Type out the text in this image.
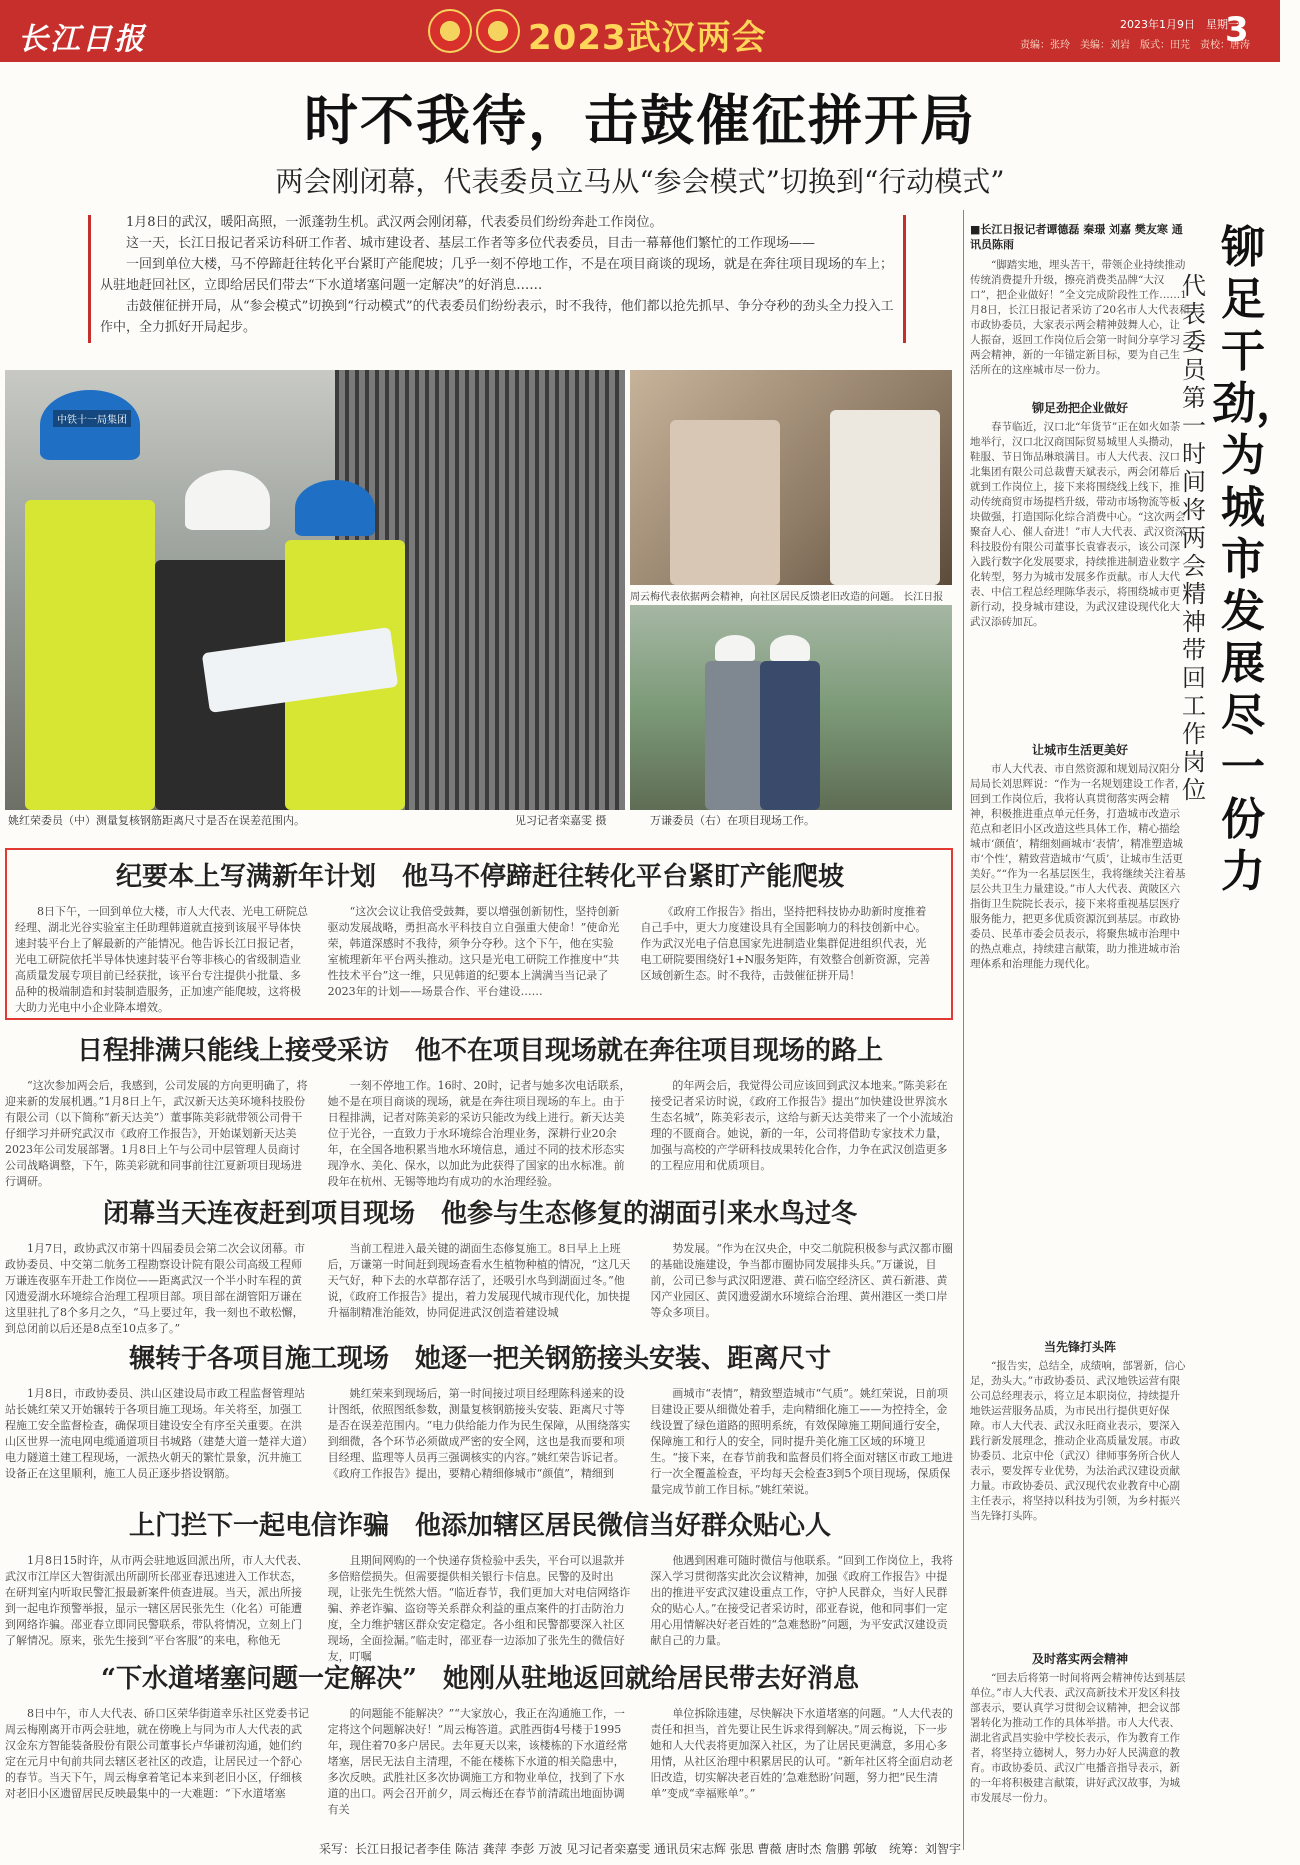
长江日报	2023武汉两会	2023年1月9日　星期一
责编：张玲　美编：刘岩　版式：田芫　责校：唐涛
3
时不我待，击鼓催征拼开局
两会刚闭幕，代表委员立马从“参会模式”切换到“行动模式”

1月8日的武汉，暖阳高照，一派蓬勃生机。武汉两会刚闭幕，代表委员们纷纷奔赴工作岗位。

这一天，长江日报记者采访科研工作者、城市建设者、基层工作者等多位代表委员，目击一幕幕他们繁忙的工作现场——

一回到单位大楼，马不停蹄赶往转化平台紧盯产能爬坡；几乎一刻不停地工作，不是在项目商谈的现场，就是在奔往项目现场的车上；从驻地赶回社区，立即给居民们带去“下水道堵塞问题一定解决”的好消息……

击鼓催征拼开局，从“参会模式”切换到“行动模式”的代表委员们纷纷表示，时不我待，他们都以抢先抓早、争分夺秒的劲头全力投入工作中，全力抓好开局起步。

中铁十一局集团
姚红荣委员（中）测量复核钢筋距离尺寸是否在误差范围内。	见习记者栾嘉雯 摄
周云梅代表依据两会精神，向社区居民反馈老旧改造的问题。 长江日报
万谦委员（右）在项目现场工作。
纪要本上写满新年计划　 他马不停蹄赶往转化平台紧盯产能爬坡

8日下午，一回到单位大楼，市人大代表、光电工研院总经理、湖北光谷实验室主任助理韩道就直接到该展平导体快速封装平台上了解最新的产能情况。他告诉长江日报记者，光电工研院依托半导体快速封装平台等非核心的省级制造业高质量发展专项目前已经获批，该平台专注提供小批量、多品种的极端制造和封装制造服务，正加速产能爬坡，这将极大助力光电中小企业降本增效。

“这次会议让我倍受鼓舞，要以增强创新韧性，坚持创新驱动发展战略，勇担高水平科技自立自强重大使命！”使命光荣，韩道深感时不我待，须争分夺秒。这个下午，他在实验室梳理新年平台两头推动。这只是光电工研院工作推度中“共性技术平台”这一维，只见韩道的纪要本上满满当当记录了2023年的计划——场景合作、平台建设……

《政府工作报告》指出，坚持把科技协办助新时度推着自己手中，更大力度建设具有全国影响力的科技创新中心。作为武汉光电子信息国家先进制造业集群促进组织代表，光电工研院要围绕好1+N服务矩阵，有效整合创新资源，完善区域创新生态。时不我待，击鼓催征拼开局！

日程排满只能线上接受采访　 他不在项目现场就在奔往项目现场的路上

“这次参加两会后，我感到，公司发展的方向更明确了，将迎来新的发展机遇。”1月8日上午，武汉新天达美环境科技股份有限公司（以下简称“新天达美”）董事陈美彩就带领公司骨干仔细学习并研究武汉市《政府工作报告》，开始谋划新天达美2023年公司发展部署。1月8日上午与公司中层管理人员商讨公司战略调整，下午，陈美彩就和同事前往江夏新项目现场进行调研。

一刻不停地工作。16时、20时，记者与她多次电话联系，她不是在项目商谈的现场，就是在奔往项目现场的车上。由于日程排满，记者对陈美彩的采访只能改为线上进行。新天达美位于光谷，一直致力于水环境综合治理业务，深耕行业20余年，在全国各地积累当地水环境信息，通过不同的技术形态实现净水、美化、保水，以加此为此获得了国家的出水标准。前段年在杭州、无锡等地均有成功的水治理经验。

的年两会后，我觉得公司应该回到武汉本地来。”陈美彩在接受记者采访时说，《政府工作报告》提出“加快建设世界滨水生态名城”，陈美彩表示，这给与新天达美带来了一个小流域治理的不匮商合。她说，新的一年，公司将借助专家技术力量，加强与高校的产学研科技成果转化合作，力争在武汉创造更多的工程应用和优质项目。

闭幕当天连夜赶到项目现场　 他参与生态修复的湖面引来水鸟过冬

1月7日，政协武汉市第十四届委员会第二次会议闭幕。市政协委员、中交第二航务工程勘察设计院有限公司高级工程师万谦连夜驱车开赴工作岗位——距离武汉一个半小时车程的黄冈遗爱湖水环境综合治理工程项目部。项目部在湖管阳万谦在这里驻扎了8个多月之久，“马上要过年，我一刻也不敢松懈，到总闭前以后还是8点至10点多了。”

当前工程进入最关键的湖面生态修复施工。8日早上上班后，万谦第一时间赶到现场查看水生植物种植的情况，“这几天天气好，种下去的水草都存活了，还吸引水鸟到湖面过冬。”他说，《政府工作报告》提出，着力发展现代城市现代化，加快提升福制精准治能效，协同促进武汉创造着建设城

势发展。“作为在汉央企，中交二航院积极参与武汉都市圈的基础设施建设，争当都市圈协同发展排头兵。”万谦说，目前，公司已参与武汉阳逻港、黄石临空经济区、黄石新港、黄冈产业园区、黄冈遗爱湖水环境综合治理、黄州港区一类口岸等众多项目。

辗转于各项目施工现场　 她逐一把关钢筋接头安装、距离尺寸

1月8日，市政协委员、洪山区建设局市政工程监督管理站站长姚红荣又开始辗转于各项目施工现场。年关将至，加强工程施工安全监督检查，确保项目建设安全有序至关重要。在洪山区世界一流电网电缆通道项目书城路（建楚大道一楚祥大道）电力隧道土建工程现场，一派热火朝天的繁忙景象，沉井施工设备正在这里顺利，施工人员正逐步搭设钢筋。

姚红荣来到现场后，第一时间接过项目经理陈科递来的设计图纸，依照图纸参数，测量复核钢筋接头安装、距离尺寸等是否在误差范围内。“电力供给能力作为民生保障，从围绕落实到细微，各个环节必须做成严密的安全网，这也是我而要和项目经理、监理等人员再三强调核实的内容。”姚红荣告诉记者。《政府工作报告》提出，要精心精细修城市“颜值”，精细到

画城市“表情”，精致塑造城市“气质”。姚红荣说，日前项目建设正要从细微处着手，走向精细化施工——为控持全，金线设置了绿色道路的照明系统，有效保障施工期间通行安全，保障施工和行人的安全，同时提升美化施工区域的环境卫生。“接下来，在春节前我和监督员们将全面对辖区市政工地进行一次全覆盖检查，平均每天会检查3到5个项目现场，保质保量完成节前工作目标。”姚红荣说。

上门拦下一起电信诈骗　 他添加辖区居民微信当好群众贴心人

1月8日15时许，从市两会驻地返回派出所，市人大代表、武汉市江岸区大智街派出所副所长邵亚春迅速进入工作状态，在研判室内听取民警汇报最新案件侦查进展。当天，派出所接到一起电诈预警举报，显示一辖区居民张先生（化名）可能遭到网络诈骗。邵亚春立即同民警联系，带队将情况，立刻上门了解情况。原来，张先生接到“平台客服”的来电，称他无

且期间网购的一个快递存货检验中丢失，平台可以退款并多倍赔偿损失。但需要提供相关银行卡信息。民警的及时出现，让张先生恍然大悟。“临近春节，我们更加大对电信网络诈骗、养老诈骗、盗窃等关系群众利益的重点案件的打击防治力度，全力维护辖区群众安定稳定。各小组和民警都要深入社区现场，全面捡漏。”临走时，邵亚春一边添加了张先生的微信好友，叮嘱

他遇到困难可随时微信与他联系。“回到工作岗位上，我将深入学习贯彻落实此次会议精神，加强《政府工作报告》中提出的推进平安武汉建设重点工作，守护人民群众，当好人民群众的贴心人。”在接受记者采访时，邵亚春说，他和同事们一定用心用情解决好老百姓的“急难愁盼”问题，为平安武汉建设贡献自己的力量。

“下水道堵塞问题一定解决”　 她刚从驻地返回就给居民带去好消息

8日中午，市人大代表、硚口区荣华街道幸乐社区党委书记周云梅刚离开市两会驻地，就在傍晚上与同为市人大代表的武汉金东方智能装备股份有限公司董事长卢华谦初沟通，她们约定在元月中旬前共同去辖区老社区的改造，让居民过一个舒心的春节。当天下午，周云梅拿着笔记本来到老旧小区，仔细核对老旧小区遗留居民反映最集中的一大难题：“下水道堵塞

的问题能不能解决？”“大家放心，我正在沟通施工作，一定将这个问题解决好！”周云梅答道。武胜西街4号楼于1995年，现住着70多户居民。去年夏天以来，该楼栋的下水道经常堵塞，居民无法自主清理，不能在楼栋下水道的相关隐患中，多次反映。武胜社区多次协调施工方和物业单位，找到了下水道的出口。两会召开前夕，周云梅还在春节前清疏出地面协调有关

单位拆除违建，尽快解决下水道堵塞的问题。“人大代表的责任和担当，首先要让民生诉求得到解决。”周云梅说，下一步她和人大代表将更加深入社区，为了让居民更满意，多用心多用情，从社区治理中积累居民的认可。“新年社区将全面启动老旧改造，切实解决老百姓的‘急难愁盼’问题，努力把“民生清单”变成“幸福账单”。”

铆足干劲，为城市发展尽一份力
代表委员第一时间将两会精神带回工作岗位

■长江日报记者谭德磊 秦璟 刘嘉 樊友寒 通讯员陈雨

“脚踏实地，埋头苦干，带领企业持续推动传统消费提升升级，擦亮消费类品牌“大汉口”，把企业做好！”全文完成阶段性工作……1月8日，长江日报记者采访了20名市人大代表和市政协委员，大家表示两会精神鼓舞人心，让人振奋，返回工作岗位后会第一时间分享学习两会精神，新的一年锚定新目标，要为自己生活所在的这座城市尽一份力。

铆足劲把企业做好

春节临近，汉口北“年货节”正在如火如荼地举行，汉口北汉商国际贸易城里人头攒动，鞋服、节日饰品琳琅满目。市人大代表、汉口北集团有限公司总裁曹天斌表示，两会闭幕后就到工作岗位上，接下来将围绕线上线下，推动传统商贸市场提档升级，带动市场物流等板块做强，打造国际化综合消费中心。“这次两会聚奋人心、催人奋进！”市人大代表、武汉资深科技股份有限公司董事长袁睿表示，该公司深入践行数字化发展要求，持续推进制造业数字化转型，努力为城市发展多作贡献。市人大代表、中信工程总经理陈华表示，将围绕城市更新行动，投身城市建设，为武汉建设现代化大武汉添砖加瓦。

让城市生活更美好

市人大代表、市自然资源和规划局汉阳分局局长刘思辉说：“作为一名规划建设工作者，回到工作岗位后，我将认真贯彻落实两会精神，积极推进重点单元任务，打造城市改造示范点和老旧小区改造这些具体工作，精心描绘城市‘颜值’，精细刻画城市‘表情’，精准塑造城市‘个性’，精致营造城市‘气质’，让城市生活更美好。”“作为一名基层医生，我将继续关注着基层公共卫生力量建设。”市人大代表、黄陂区六指街卫生院院长表示，接下来将重视基层医疗服务能力，把更多优质资源沉到基层。市政协委员、民革市委会员表示，将聚焦城市治理中的热点难点，持续建言献策，助力推进城市治理体系和治理能力现代化。

当先锋打头阵

“报告实，总结全，成绩响，部署新，信心足，劲头大。”市政协委员、武汉地铁运营有限公司总经理表示，将立足本职岗位，持续提升地铁运营服务品质，为市民出行提供更好保障。市人大代表、武汉永旺商业表示，要深入践行新发展理念，推动企业高质量发展。市政协委员、北京中伦（武汉）律师事务所合伙人表示，要发挥专业优势，为法治武汉建设贡献力量。市政协委员、武汉现代农业教育中心副主任表示，将坚持以科技为引领，为乡村振兴当先锋打头阵。

及时落实两会精神

“回去后将第一时间将两会精神传达到基层单位。”市人大代表、武汉高新技术开发区科技部表示，要认真学习贯彻会议精神，把会议部署转化为推动工作的具体举措。市人大代表、湖北省武昌实验中学校长表示，作为教育工作者，将坚持立德树人，努力办好人民满意的教育。市政协委员、武汉广电播音指导表示，新的一年将积极建言献策，讲好武汉故事，为城市发展尽一份力。

采写：长江日报记者李佳 陈洁 龚萍 李彭 万波 见习记者栾嘉雯 通讯员宋志辉 张思 曹薇 唐时杰 詹鹏 郭敏　统筹：刘智宇
